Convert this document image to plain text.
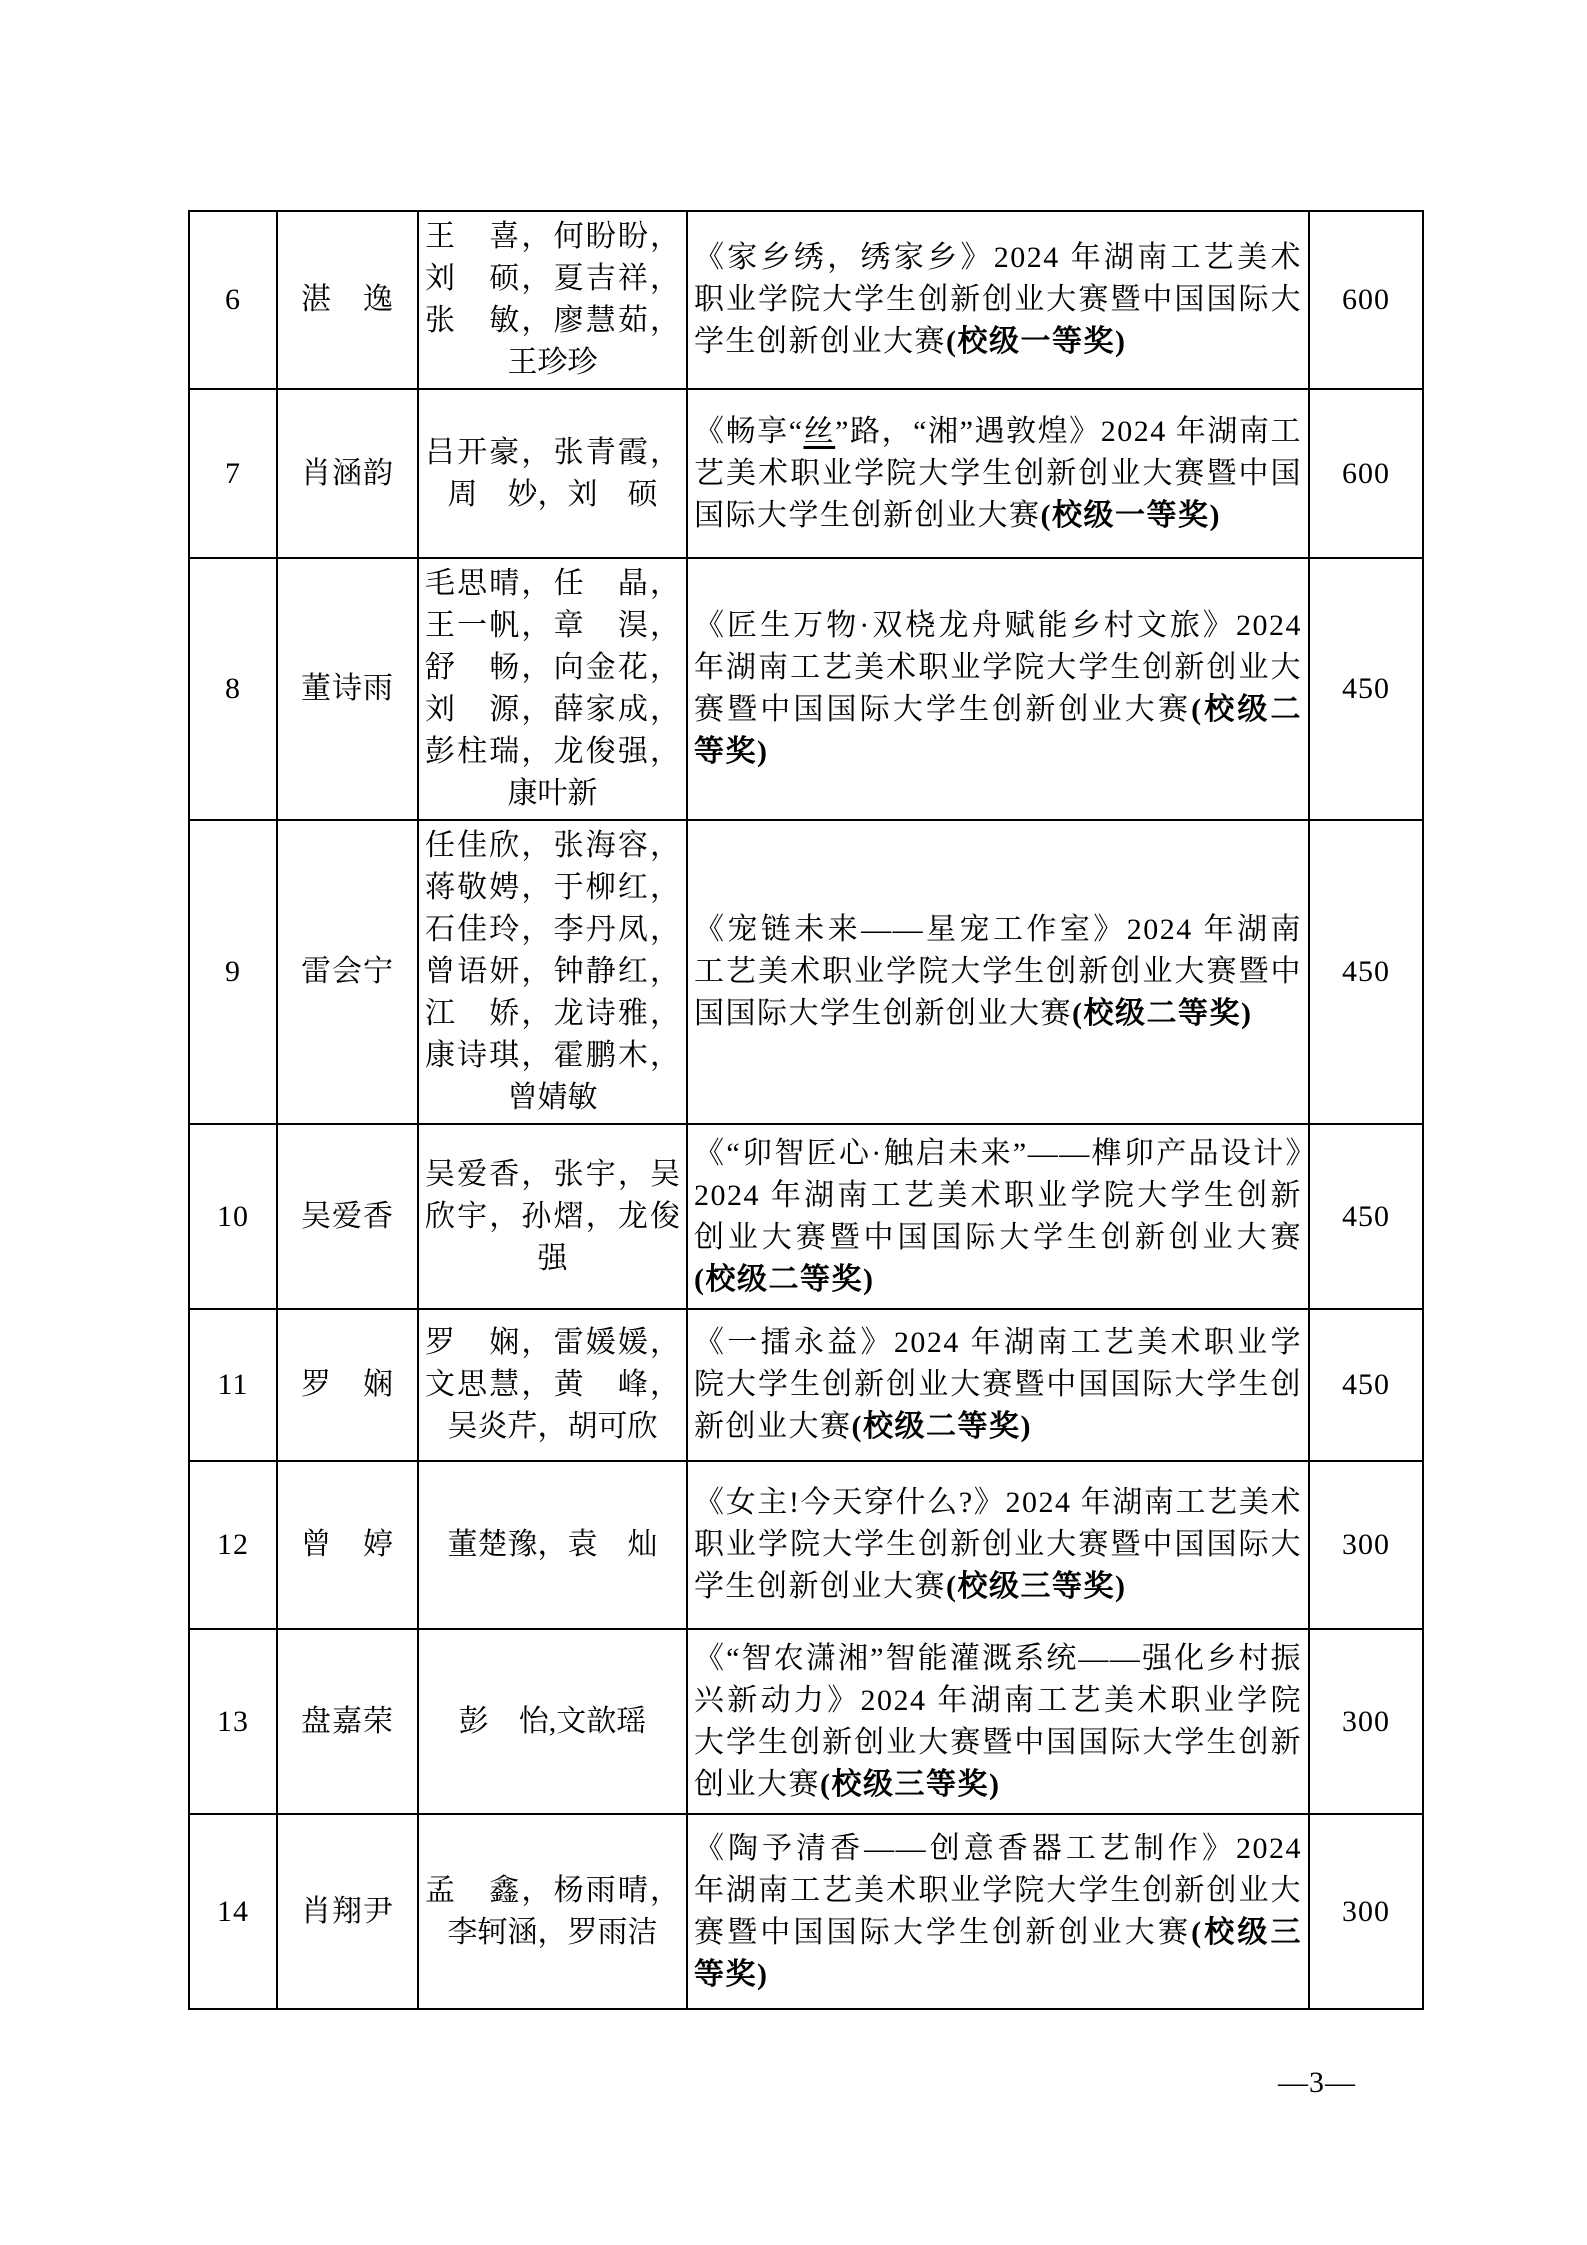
6	湛　逸	王　喜，何盼盼，刘　硕，夏吉祥，张　敏，廖慧茹，王珍珍	《家乡绣，绣家乡》2024 年湖南工艺美术职业学院大学生创新创业大赛暨中国国际大学生创新创业大赛(校级一等奖)	600
7	肖涵韵	吕开豪，张青霞，周　妙，刘　硕	《畅享“丝”路，“湘”遇敦煌》2024 年湖南工艺美术职业学院大学生创新创业大赛暨中国国际大学生创新创业大赛(校级一等奖)	600
8	董诗雨	毛思晴，任　晶，王一帆，章　淏，舒　畅，向金花，刘　源，薛家成，彭柱瑞，龙俊强，康叶新	《匠生万物·双桡龙舟赋能乡村文旅》2024 年湖南工艺美术职业学院大学生创新创业大赛暨中国国际大学生创新创业大赛(校级二等奖)	450
9	雷会宁	任佳欣，张海容，蒋敬娉，于柳红，石佳玲，李丹凤，曾语妍，钟静红，江　娇，龙诗雅，康诗琪，霍鹏木，曾婧敏	《宠链未来——星宠工作室》2024 年湖南工艺美术职业学院大学生创新创业大赛暨中国国际大学生创新创业大赛(校级二等奖)	450
10	吴爱香	吴爱香，张宇，吴欣宇，孙熠，龙俊强	《“卯智匠心·触启未来”——榫卯产品设计》2024 年湖南工艺美术职业学院大学生创新创业大赛暨中国国际大学生创新创业大赛(校级二等奖)	450
11	罗　娴	罗　娴，雷媛媛，文思慧，黄　峰，吴炎芹，胡可欣	《一擂永益》2024 年湖南工艺美术职业学院大学生创新创业大赛暨中国国际大学生创新创业大赛(校级二等奖)	450
12	曾　婷	董楚豫，袁　灿	《女主!今天穿什么?》2024 年湖南工艺美术职业学院大学生创新创业大赛暨中国国际大学生创新创业大赛(校级三等奖)	300
13	盘嘉荣	彭　怡,文歆瑶	《“智农潇湘”智能灌溉系统——强化乡村振兴新动力》2024 年湖南工艺美术职业学院大学生创新创业大赛暨中国国际大学生创新创业大赛(校级三等奖)	300
14	肖翔尹	孟　鑫，杨雨晴，李轲涵，罗雨洁	《陶予清香——创意香器工艺制作》2024 年湖南工艺美术职业学院大学生创新创业大赛暨中国国际大学生创新创业大赛(校级三等奖)	300
—3—
